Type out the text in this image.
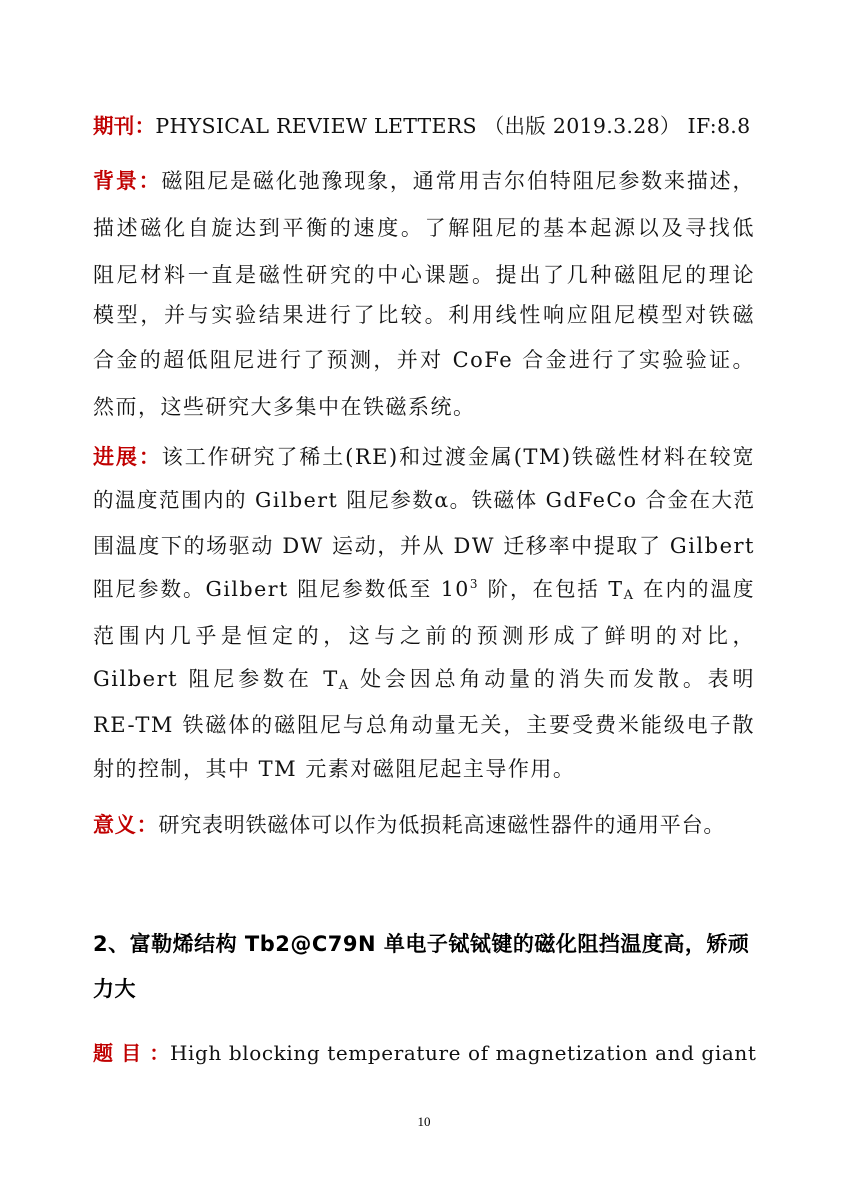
期刊：PHYSICAL REVIEW LETTERS （出版 2019.3.28） IF:8.8
背景：磁阻尼是磁化弛豫现象，通常用吉尔伯特阻尼参数来描述，
描述磁化自旋达到平衡的速度。了解阻尼的基本起源以及寻找低
阻尼材料一直是磁性研究的中心课题。提出了几种磁阻尼的理论
模型，并与实验结果进行了比较。利用线性响应阻尼模型对铁磁
合金的超低阻尼进行了预测，并对 CoFe 合金进行了实验验证。
然而，这些研究大多集中在铁磁系统。
进展：该工作研究了稀土(RE)和过渡金属(TM)铁磁性材料在较宽
的温度范围内的 Gilbert 阻尼参数α。铁磁体 GdFeCo 合金在大范
围温度下的场驱动 DW 运动，并从 DW 迁移率中提取了 Gilbert
阻尼参数。Gilbert 阻尼参数低至 $10^3$ 阶，在包括 $T_A$ 在内的温度
范围内几乎是恒定的，这与之前的预测形成了鲜明的对比，
Gilbert 阻尼参数在 $T_A$ 处会因总角动量的消失而发散。表明
RE-TM 铁磁体的磁阻尼与总角动量无关，主要受费米能级电子散
射的控制，其中 TM 元素对磁阻尼起主导作用。
意义：研究表明铁磁体可以作为低损耗高速磁性器件的通用平台。
2、富勒烯结构 Tb2@C79N 单电子铽铽键的磁化阻挡温度高，矫顽
力大
题 目 ：High blocking temperature of magnetization and giant
10
